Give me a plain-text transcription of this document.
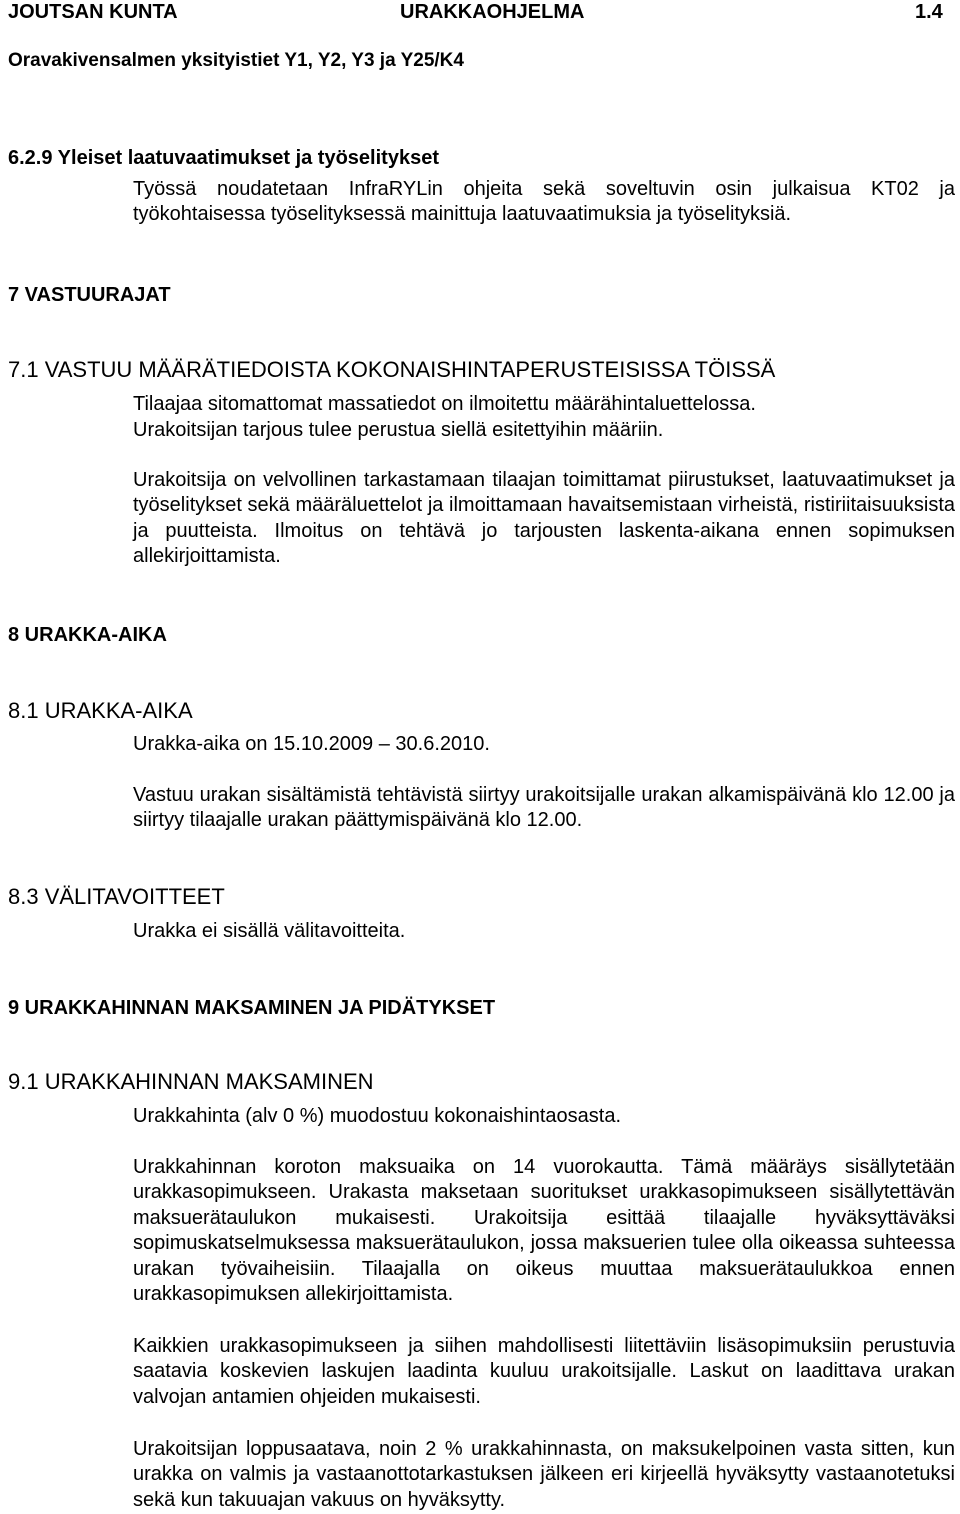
JOUTSAN KUNTA	URAKKAOHJELMA	1.4
Oravakivensalmen yksityistiet Y1, Y2, Y3 ja Y25/K4
6.2.9 Yleiset laatuvaatimukset ja työselitykset

Työssä noudatetaan InfraRYLin ohjeita sekä soveltuvin osin julkaisua KT02 ja työkohtaisessa työselityksessä mainittuja laatuvaatimuksia ja työselityksiä.

7 VASTUURAJAT
7.1 VASTUU MÄÄRÄTIEDOISTA KOKONAISHINTAPERUSTEISISSA TÖISSÄ
Tilaajaa sitomattomat massatiedot on ilmoitettu määrähintaluettelossa.
Urakoitsijan tarjous tulee perustua siellä esitettyihin määriin.

Urakoitsija on velvollinen tarkastamaan tilaajan toimittamat piirustukset, laatuvaatimukset ja työselitykset sekä määräluettelot ja ilmoittamaan havaitsemistaan virheistä, ristiriitaisuuksista ja puutteista. Ilmoitus on tehtävä jo tarjousten laskenta-aikana ennen sopimuksen allekirjoittamista.

8 URAKKA-AIKA
8.1 URAKKA-AIKA
Urakka-aika on 15.10.2009 – 30.6.2010.

Vastuu urakan sisältämistä tehtävistä siirtyy urakoitsijalle urakan alkamispäivänä klo 12.00 ja siirtyy tilaajalle urakan päättymispäivänä klo 12.00.

8.3 VÄLITAVOITTEET
Urakka ei sisällä välitavoitteita.
9 URAKKAHINNAN MAKSAMINEN JA PIDÄTYKSET
9.1 URAKKAHINNAN MAKSAMINEN
Urakkahinta (alv 0 %) muodostuu kokonaishintaosasta.

Urakkahinnan koroton maksuaika on 14 vuorokautta. Tämä määräys sisällytetään urakkasopimukseen. Urakasta maksetaan suoritukset urakkasopimukseen sisällytettävän maksuerätaulukon mukaisesti. Urakoitsija esittää tilaajalle hyväksyttäväksi sopimuskatselmuksessa maksuerätaulukon, jossa maksuerien tulee olla oikeassa suhteessa urakan työvaiheisiin. Tilaajalla on oikeus muuttaa maksuerätaulukkoa ennen urakkasopimuksen allekirjoittamista.

Kaikkien urakkasopimukseen ja siihen mahdollisesti liitettäviin lisäsopimuksiin perustuvia saatavia koskevien laskujen laadinta kuuluu urakoitsijalle. Laskut on laadittava urakan valvojan antamien ohjeiden mukaisesti.

Urakoitsijan loppusaatava, noin 2 % urakkahinnasta, on maksukelpoinen vasta sitten, kun urakka on valmis ja vastaanottotarkastuksen jälkeen eri kirjeellä hyväksytty vastaanotetuksi sekä kun takuuajan vakuus on hyväksytty.
